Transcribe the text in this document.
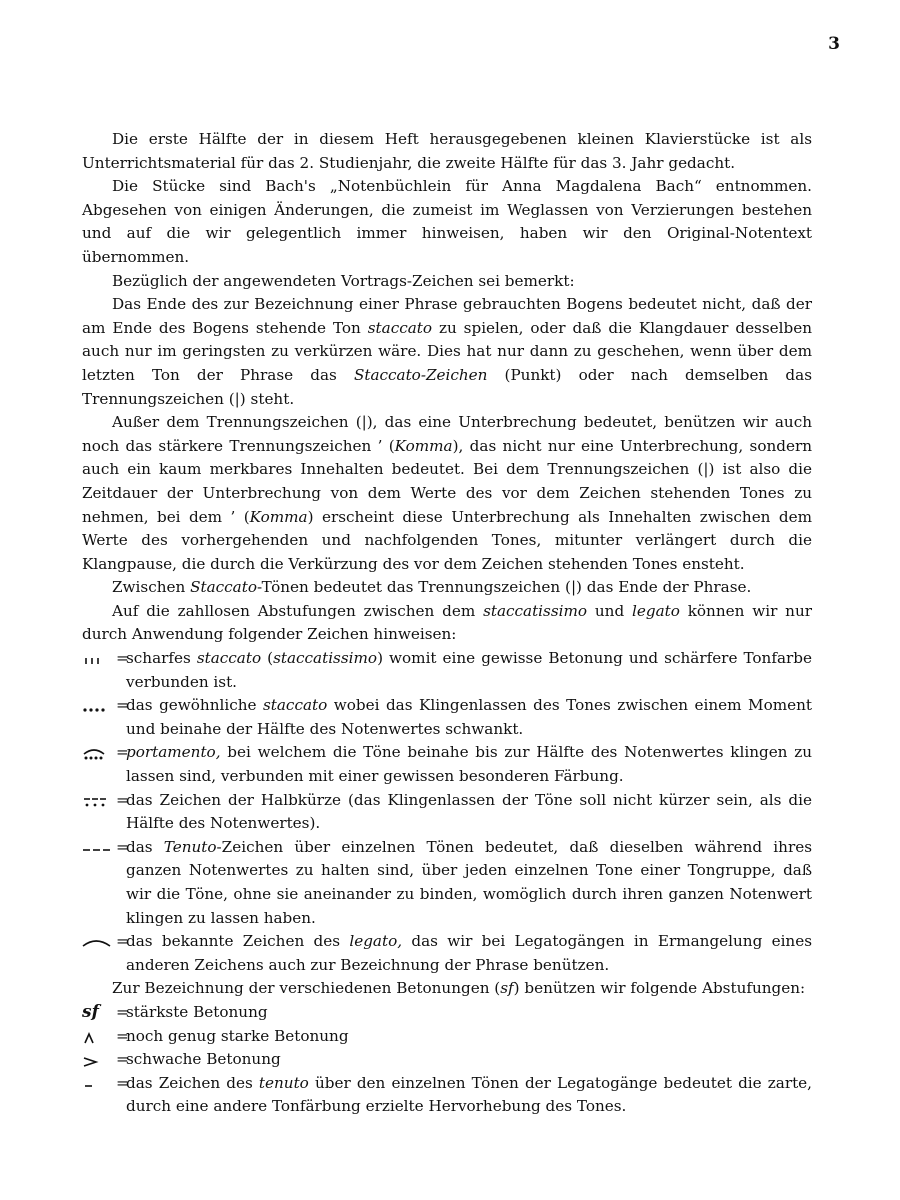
3

Die erste Hälfte der in diesem Heft herausgegebenen kleinen Klavierstücke ist als Unterrichtsmaterial für das 2. Studienjahr, die zweite Hälfte für das 3. Jahr gedacht.

Die Stücke sind Bach's „Notenbüchlein für Anna Magdalena Bach“ entnommen. Abgesehen von einigen Änderungen, die zumeist im Weglassen von Verzierungen bestehen und auf die wir gelegentlich immer hinweisen, haben wir den Original-Notentext übernommen.

Bezüglich der angewendeten Vortrags-Zeichen sei bemerkt:

Das Ende des zur Bezeichnung einer Phrase gebrauchten Bogens bedeutet nicht, daß der am Ende des Bogens stehende Ton staccato zu spielen, oder daß die Klangdauer desselben auch nur im geringsten zu verkürzen wäre. Dies hat nur dann zu geschehen, wenn über dem letzten Ton der Phrase das Staccato-Zeichen (Punkt) oder nach demselben das Trennungszeichen (|) steht.

Außer dem Trennungszeichen (|), das eine Unterbrechung bedeutet, benützen wir auch noch das stärkere Trennungszeichen ’ (Komma), das nicht nur eine Unterbrechung, sondern auch ein kaum merkbares Innehalten bedeutet. Bei dem Trennungszeichen (|) ist also die Zeitdauer der Unterbrechung von dem Werte des vor dem Zeichen stehenden Tones zu nehmen, bei dem ’ (Komma) erscheint diese Unterbrechung als Innehalten zwischen dem Werte des vorhergehenden und nachfolgenden Tones, mitunter verlängert durch die Klangpause, die durch die Verkürzung des vor dem Zeichen stehenden Tones ensteht.

Zwischen Staccato-Tönen bedeutet das Trennungszeichen (|) das Ende der Phrase.

Auf die zahllosen Abstufungen zwischen dem staccatissimo und legato können wir nur durch Anwendung folgender Zeichen hinweisen:

=
scharfes staccato (staccatissimo) womit eine gewisse Betonung und schärfere Tonfarbe verbunden ist.
=
das gewöhnliche staccato wobei das Klingenlassen des Tones zwischen einem Moment und beinahe der Hälfte des Notenwertes schwankt.
=
portamento, bei welchem die Töne beinahe bis zur Hälfte des Notenwertes klingen zu lassen sind, verbunden mit einer gewissen besonderen Färbung.
=
das Zeichen der Halbkürze (das Klingenlassen der Töne soll nicht kürzer sein, als die Hälfte des Notenwertes).
=
das Tenuto-Zeichen über einzelnen Tönen bedeutet, daß dieselben während ihres ganzen Notenwertes zu halten sind, über jeden einzelnen Tone einer Tongruppe, daß wir die Töne, ohne sie aneinander zu binden, womöglich durch ihren ganzen Notenwert klingen zu lassen haben.
=
das bekannte Zeichen des legato, das wir bei Legatogängen in Ermangelung eines anderen Zeichens auch zur Bezeichnung der Phrase benützen.

Zur Bezeichnung der verschiedenen Betonungen (sf) benützen wir folgende Abstufungen:

sf	=
stärkste Betonung
=
noch genug starke Betonung
=
schwache Betonung
=
das Zeichen des tenuto über den einzelnen Tönen der Legatogänge bedeutet die zarte, durch eine andere Tonfärbung erzielte Hervorhebung des Tones.
